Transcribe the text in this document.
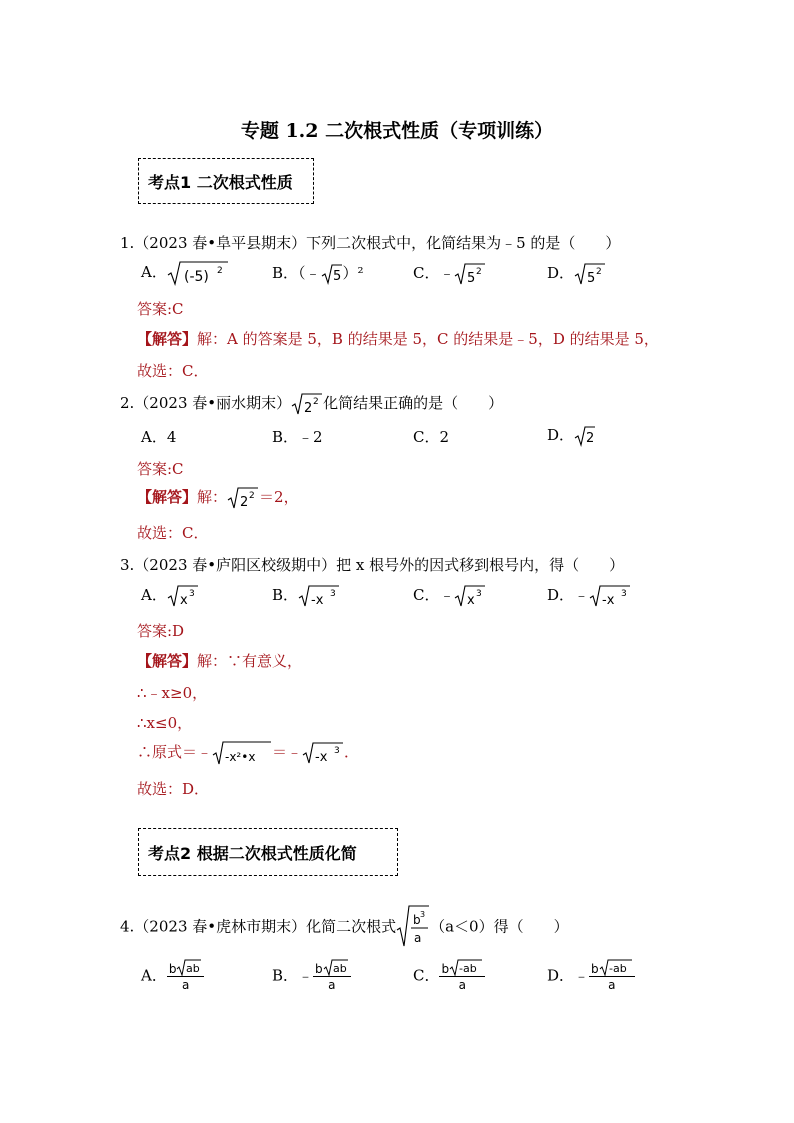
专题 1.2 二次根式性质（专项训练）
考点1 二次根式性质
1.（2023 春•阜平县期末）下列二次根式中，化简结果为﹣5 的是（　　）
A． (-5) 2	B．（﹣ 5 ）²	C．﹣ 5 2	D． 5 2
答案:C
【解答】解：A 的答案是 5，B 的结果是 5，C 的结果是﹣5，D 的结果是 5，
故选：C．
2.（2023 春•丽水期末） 2 2 化简结果正确的是（　　）
A．4	B．﹣2	C．2	D． 2
答案:C
【解答】解： 2 2 ＝2，
故选：C．
3.（2023 春•庐阳区校级期中）把 x 根号外的因式移到根号内，得（　　）
A． x 3	B． -x 3	C．﹣ x 3	D．﹣ -x 3
答案:D
【解答】解：∵有意义，
∴﹣x≥0，
∴x≤0，
∴原式＝﹣ -x²•x ＝﹣ -x 3 ．
故选：D．
考点2 根据二次根式性质化简
4.（2023 春•虎林市期末）化简二次根式 b 3
a
（a＜0）得（　　）
A． $\frac{\text{b ab}}{a}$	B．﹣ $\frac{\text{b ab}}{a}$	C． $\frac{b -ab}{a}$	D．﹣ $\frac{b -ab}{a}$
